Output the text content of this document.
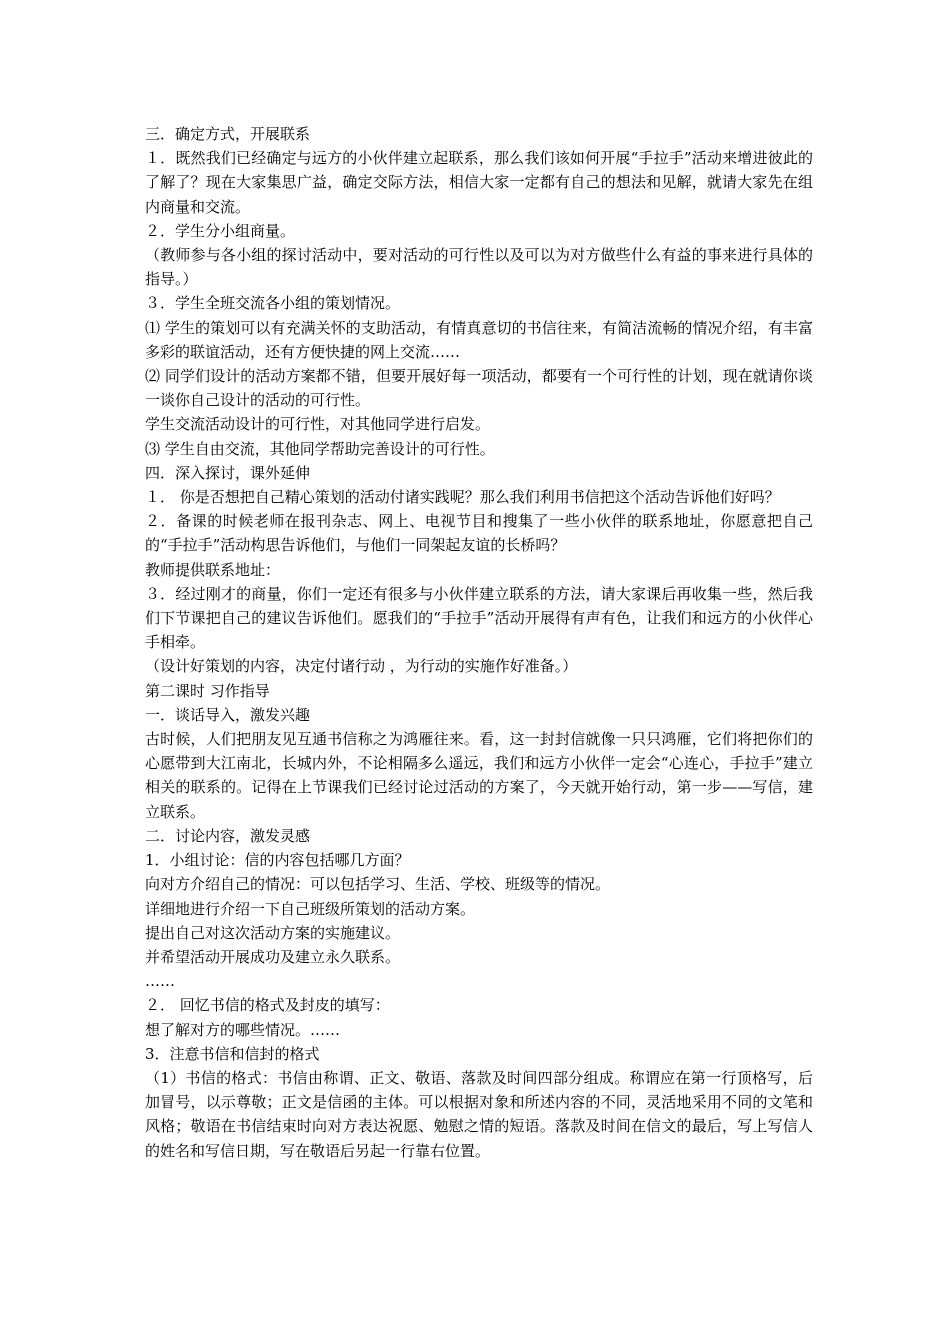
三．确定方式，开展联系

１．既然我们已经确定与远方的小伙伴建立起联系，那么我们该如何开展“手拉手”活动来增进彼此的了解了？现在大家集思广益，确定交际方法，相信大家一定都有自己的想法和见解，就请大家先在组内商量和交流。

２．学生分小组商量。

（教师参与各小组的探讨活动中，要对活动的可行性以及可以为对方做些什么有益的事来进行具体的指导。）

３．学生全班交流各小组的策划情况。

⑴ 学生的策划可以有充满关怀的支助活动，有情真意切的书信往来，有简洁流畅的情况介绍，有丰富多彩的联谊活动，还有方便快捷的网上交流……

⑵ 同学们设计的活动方案都不错，但要开展好每一项活动，都要有一个可行性的计划，现在就请你谈一谈你自己设计的活动的可行性。

学生交流活动设计的可行性，对其他同学进行启发。

⑶ 学生自由交流，其他同学帮助完善设计的可行性。

四．深入探讨，课外延伸

１． 你是否想把自己精心策划的活动付诸实践呢？那么我们利用书信把这个活动告诉他们好吗？

２．备课的时候老师在报刊杂志、网上、电视节目和搜集了一些小伙伴的联系地址，你愿意把自己的“手拉手”活动构思告诉他们，与他们一同架起友谊的长桥吗？

教师提供联系地址：

３．经过刚才的商量，你们一定还有很多与小伙伴建立联系的方法，请大家课后再收集一些，然后我们下节课把自己的建议告诉他们。愿我们的“手拉手”活动开展得有声有色，让我们和远方的小伙伴心手相牵。

（设计好策划的内容，决定付诸行动 ，为行动的实施作好准备。）

第二课时 习作指导

一．谈话导入，激发兴趣

古时候，人们把朋友见互通书信称之为鸿雁往来。看，这一封封信就像一只只鸿雁，它们将把你们的心愿带到大江南北，长城内外，不论相隔多么遥远，我们和远方小伙伴一定会“心连心，手拉手”建立相关的联系的。记得在上节课我们已经讨论过活动的方案了，今天就开始行动，第一步——写信，建立联系。

二．讨论内容，激发灵感

1．小组讨论：信的内容包括哪几方面？

向对方介绍自己的情况：可以包括学习、生活、学校、班级等的情况。

详细地进行介绍一下自己班级所策划的活动方案。

提出自己对这次活动方案的实施建议。

并希望活动开展成功及建立永久联系。

……

２． 回忆书信的格式及封皮的填写：

想了解对方的哪些情况。……

3．注意书信和信封的格式

（1）书信的格式：书信由称谓、正文、敬语、落款及时间四部分组成。称谓应在第一行顶格写，后加冒号，以示尊敬；正文是信函的主体。可以根据对象和所述内容的不同，灵活地采用不同的文笔和风格；敬语在书信结束时向对方表达祝愿、勉慰之情的短语。落款及时间在信文的最后，写上写信人的姓名和写信日期，写在敬语后另起一行靠右位置。
